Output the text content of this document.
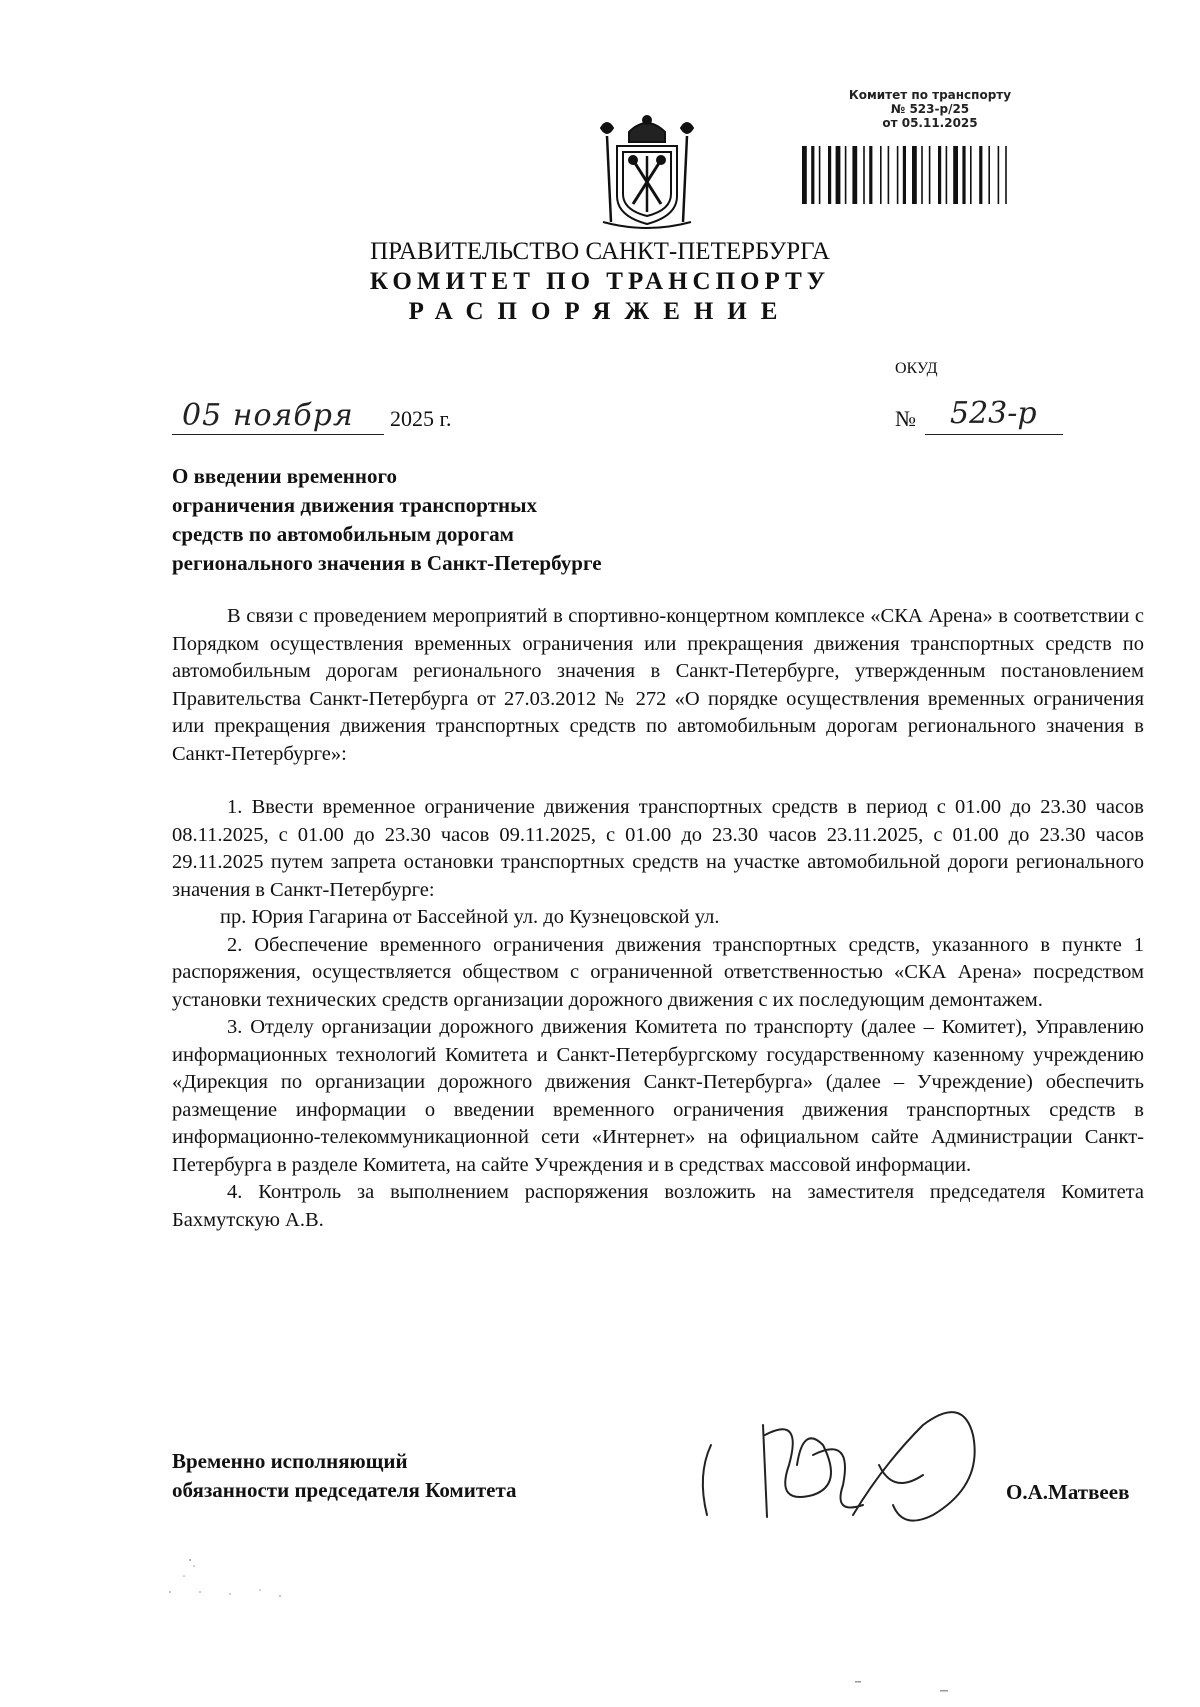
Комитет по транспорту
№ 523-р/25
от 05.11.2025
ПРАВИТЕЛЬСТВО САНКТ-ПЕТЕРБУРГА
КОМИТЕТ ПО ТРАНСПОРТУ
РАСПОРЯЖЕНИЕ
ОКУД
05 ноября	2025 г.	№ 523-р
О введении временного
ограничения движения транспортных
средств по автомобильным дорогам
регионального значения в Санкт-Петербурге

В связи с проведением мероприятий в спортивно-концертном комплексе «СКА Арена» в соответствии с Порядком осуществления временных ограничения или прекращения движения транспортных средств по автомобильным дорогам регионального значения в Санкт-Петербурге, утвержденным постановлением Правительства Санкт-Петербурга от 27.03.2012 № 272 «О порядке осуществления временных ограничения или прекращения движения транспортных средств по автомобильным дорогам регионального значения в Санкт-Петербурге»:

1. Ввести временное ограничение движения транспортных средств в период с 01.00 до 23.30 часов 08.11.2025, с 01.00 до 23.30 часов 09.11.2025, с 01.00 до 23.30 часов 23.11.2025, с 01.00 до 23.30 часов 29.11.2025 путем запрета остановки транспортных средств на участке автомобильной дороги регионального значения в Санкт-Петербурге:

пр. Юрия Гагарина от Бассейной ул. до Кузнецовской ул.

2. Обеспечение временного ограничения движения транспортных средств, указанного в пункте 1 распоряжения, осуществляется обществом с ограниченной ответственностью «СКА Арена» посредством установки технических средств организации дорожного движения с их последующим демонтажем.

3. Отделу организации дорожного движения Комитета по транспорту (далее – Комитет), Управлению информационных технологий Комитета и Санкт-Петербургскому государственному казенному учреждению «Дирекция по организации дорожного движения Санкт-Петербурга» (далее – Учреждение) обеспечить размещение информации о введении временного ограничения движения транспортных средств в информационно-телекоммуникационной сети «Интернет» на официальном сайте Администрации Санкт-Петербурга в разделе Комитета, на сайте Учреждения и в средствах массовой информации.

4. Контроль за выполнением распоряжения возложить на заместителя председателя Комитета Бахмутскую А.В.

Временно исполняющий
обязанности председателя Комитета	О.А.Матвеев
